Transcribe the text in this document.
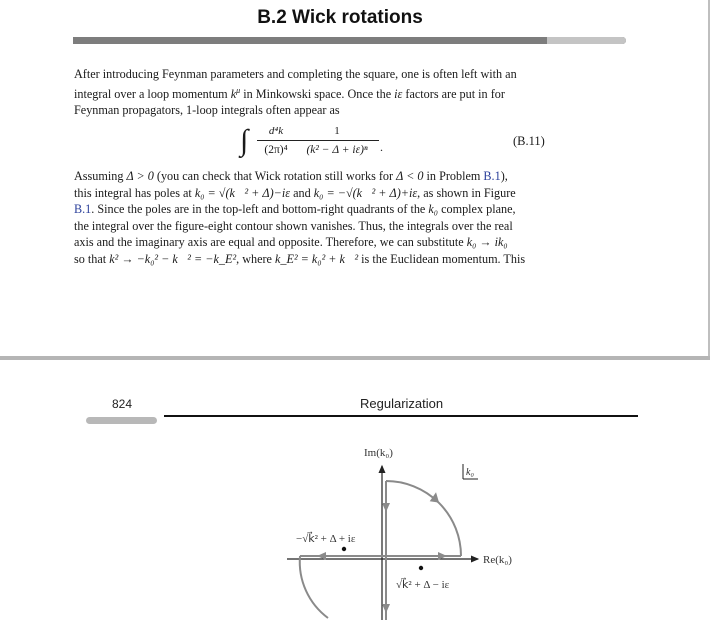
B.2 Wick rotations

After introducing Feynman parameters and completing the square, one is often left with an

integral over a loop momentum $k^\mu$ in Minkowski space. Once the iε factors are put in for

Feynman propagators, 1-loop integrals often appear as

∫ $\frac{\text{d⁴k}}{\text{(2π)⁴}} \frac{1}{\text{(k² − Δ + iε)ⁿ}}$ .	(B.11)

Assuming Δ > 0 (you can check that Wick rotation still works for Δ < 0 in Problem B.1),

this integral has poles at k₀ = √(k⃗² + Δ)−iε and k₀ = −√(k⃗² + Δ)+iε, as shown in Figure

B.1. Since the poles are in the top-left and bottom-right quadrants of the k₀ complex plane,

the integral over the figure-eight contour shown vanishes. Thus, the integrals over the real

axis and the imaginary axis are equal and opposite. Therefore, we can substitute k₀ → ik₀

so that k² → −k₀² − k⃗² = −k_E², where k_E² = k₀² + k⃗² is the Euclidean momentum. This

824	Regularization
Im(k₀)
Re(k₀)
−√k⃗² + Δ + iε
√k⃗² + Δ − iε
k₀
